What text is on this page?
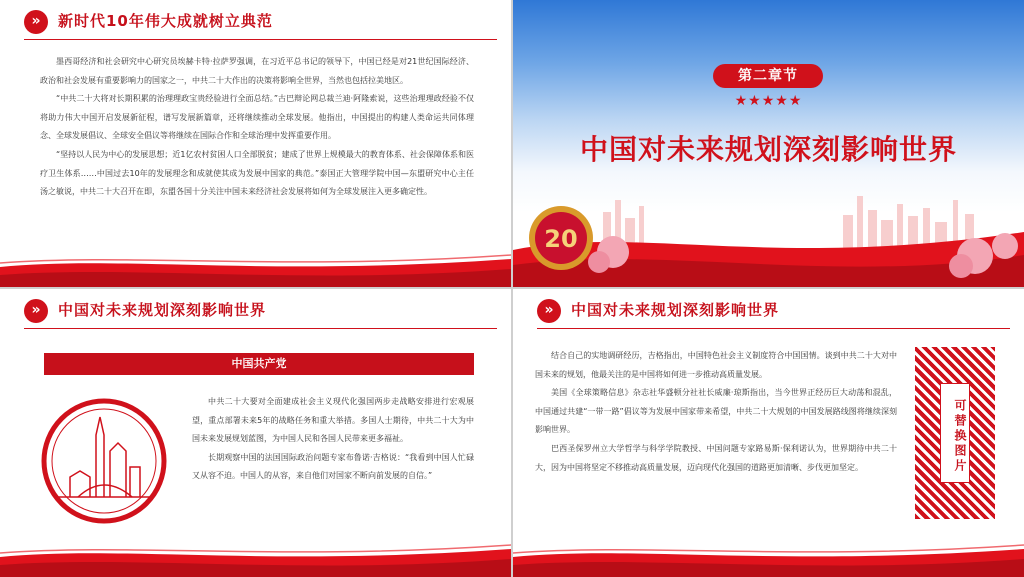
»	新时代10年伟大成就树立典范

墨西哥经济和社会研究中心研究员埃赫卡特·拉萨罗强调，在习近平总书记的领导下，中国已经是对21世纪国际经济、政治和社会发展有重要影响力的国家之一，中共二十大作出的决策将影响全世界，当然也包括拉美地区。

“中共二十大将对长期积累的治理理政宝贵经验进行全面总结。”古巴辩论网总裁兰迪·阿隆索说，这些治理理政经验不仅将助力伟大中国开启发展新征程，谱写发展新篇章，还将继续推动全球发展。他指出，中国提出的构建人类命运共同体理念、全球发展倡议、全球安全倡议等将继续在国际合作和全球治理中发挥重要作用。

“坚持以人民为中心的发展思想；近1亿农村贫困人口全部脱贫；建成了世界上规模最大的教育体系、社会保障体系和医疗卫生体系……中国过去10年的发展理念和成就使其成为发展中国家的典范。”泰国正大管理学院中国—东盟研究中心主任汤之敏说，中共二十大召开在即，东盟各国十分关注中国未来经济社会发展将如何为全球发展注入更多确定性。

20
第二章节
★★★★★
中国对未来规划深刻影响世界
»	中国对未来规划深刻影响世界
中国共产党

中共二十大要对全面建成社会主义现代化强国两步走战略安排进行宏观展望，重点部署未来5年的战略任务和重大举措。多国人士期待，中共二十大为中国未来发展规划蓝图，为中国人民和各国人民带来更多福祉。

长期观察中国的法国国际政治问题专家布鲁诺·吉格说：“我看到中国人忙碌又从容不迫。中国人的从容，来自他们对国家不断向前发展的自信。”

»	中国对未来规划深刻影响世界

结合自己的实地调研经历，吉格指出，中国特色社会主义制度符合中国国情。谈到中共二十大对中国未来的规划，他最关注的是中国将如何进一步推动高质量发展。

美国《全球策略信息》杂志社华盛顿分社社长威廉·琼斯指出，当今世界正经历巨大动荡和混乱，中国通过共建“一带一路”倡议等为发展中国家带来希望，中共二十大规划的中国发展路线图将继续深刻影响世界。

巴西圣保罗州立大学哲学与科学学院教授、中国问题专家路易斯·保利诺认为，世界期待中共二十大，因为中国将坚定不移推动高质量发展，迈向现代化强国的道路更加清晰、步伐更加坚定。	可替换图片
